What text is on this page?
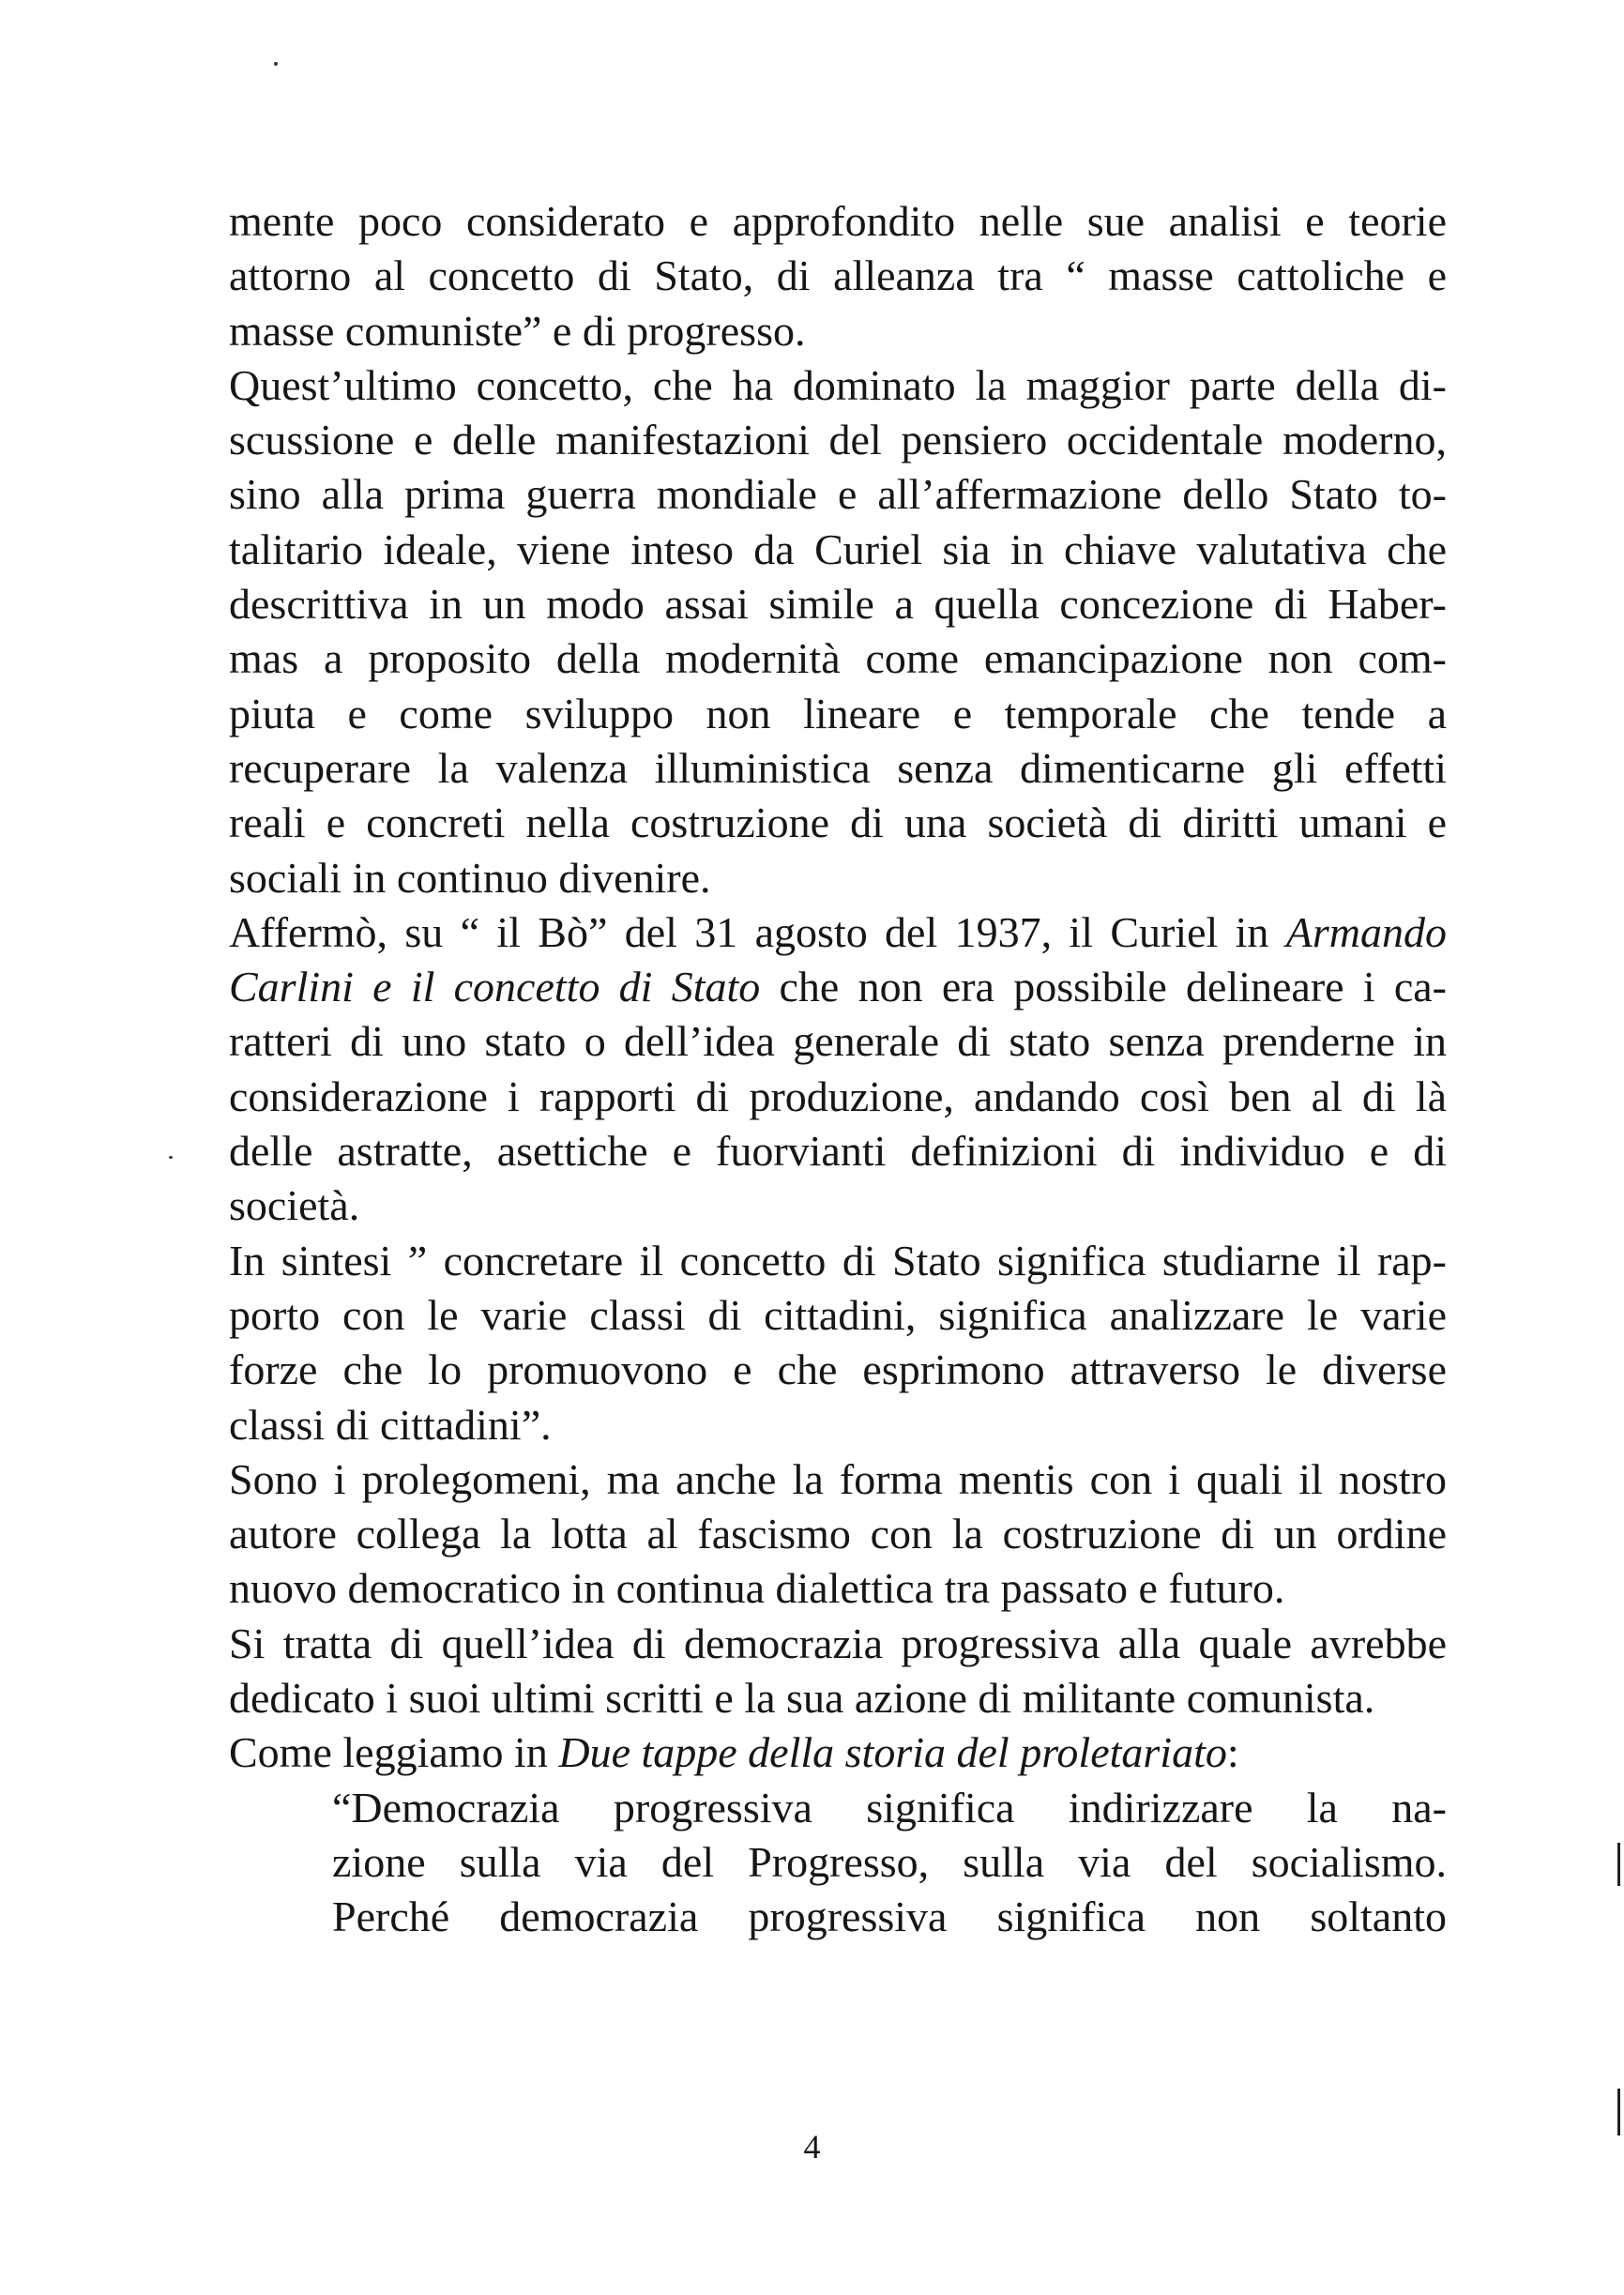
mente poco considerato e approfondito nelle sue analisi e teorie
attorno al concetto di Stato, di alleanza tra “ masse cattoliche e
masse comuniste” e di progresso.
Quest’ultimo concetto, che ha dominato la maggior parte della di-
scussione e delle manifestazioni del pensiero occidentale moderno,
sino alla prima guerra mondiale e all’affermazione dello Stato to-
talitario ideale, viene inteso da Curiel sia in chiave valutativa che
descrittiva in un modo assai simile a quella concezione di Haber-
mas a proposito della modernità come emancipazione non com-
piuta e come sviluppo non lineare e temporale che tende a
recuperare la valenza illuministica senza dimenticarne gli effetti
reali e concreti nella costruzione di una società di diritti umani e
sociali in continuo divenire.
Affermò, su “ il Bò” del 31 agosto del 1937, il Curiel in Armando
Carlini e il concetto di Stato che non era possibile delineare i ca-
ratteri di uno stato o dell’idea generale di stato senza prenderne in
considerazione i rapporti di produzione, andando così ben al di là
delle astratte, asettiche e fuorvianti definizioni di individuo e di
società.
In sintesi ” concretare il concetto di Stato significa studiarne il rap-
porto con le varie classi di cittadini, significa analizzare le varie
forze che lo promuovono e che esprimono attraverso le diverse
classi di cittadini”.
Sono i prolegomeni, ma anche la forma mentis con i quali il nostro
autore collega la lotta al fascismo con la costruzione di un ordine
nuovo democratico in continua dialettica tra passato e futuro.
Si tratta di quell’idea di democrazia progressiva alla quale avrebbe
dedicato i suoi ultimi scritti e la sua azione di militante comunista.
Come leggiamo in Due tappe della storia del proletariato:
“Democrazia progressiva significa indirizzare la na-
zione sulla via del Progresso, sulla via del socialismo.
Perché democrazia progressiva significa non soltanto
4
